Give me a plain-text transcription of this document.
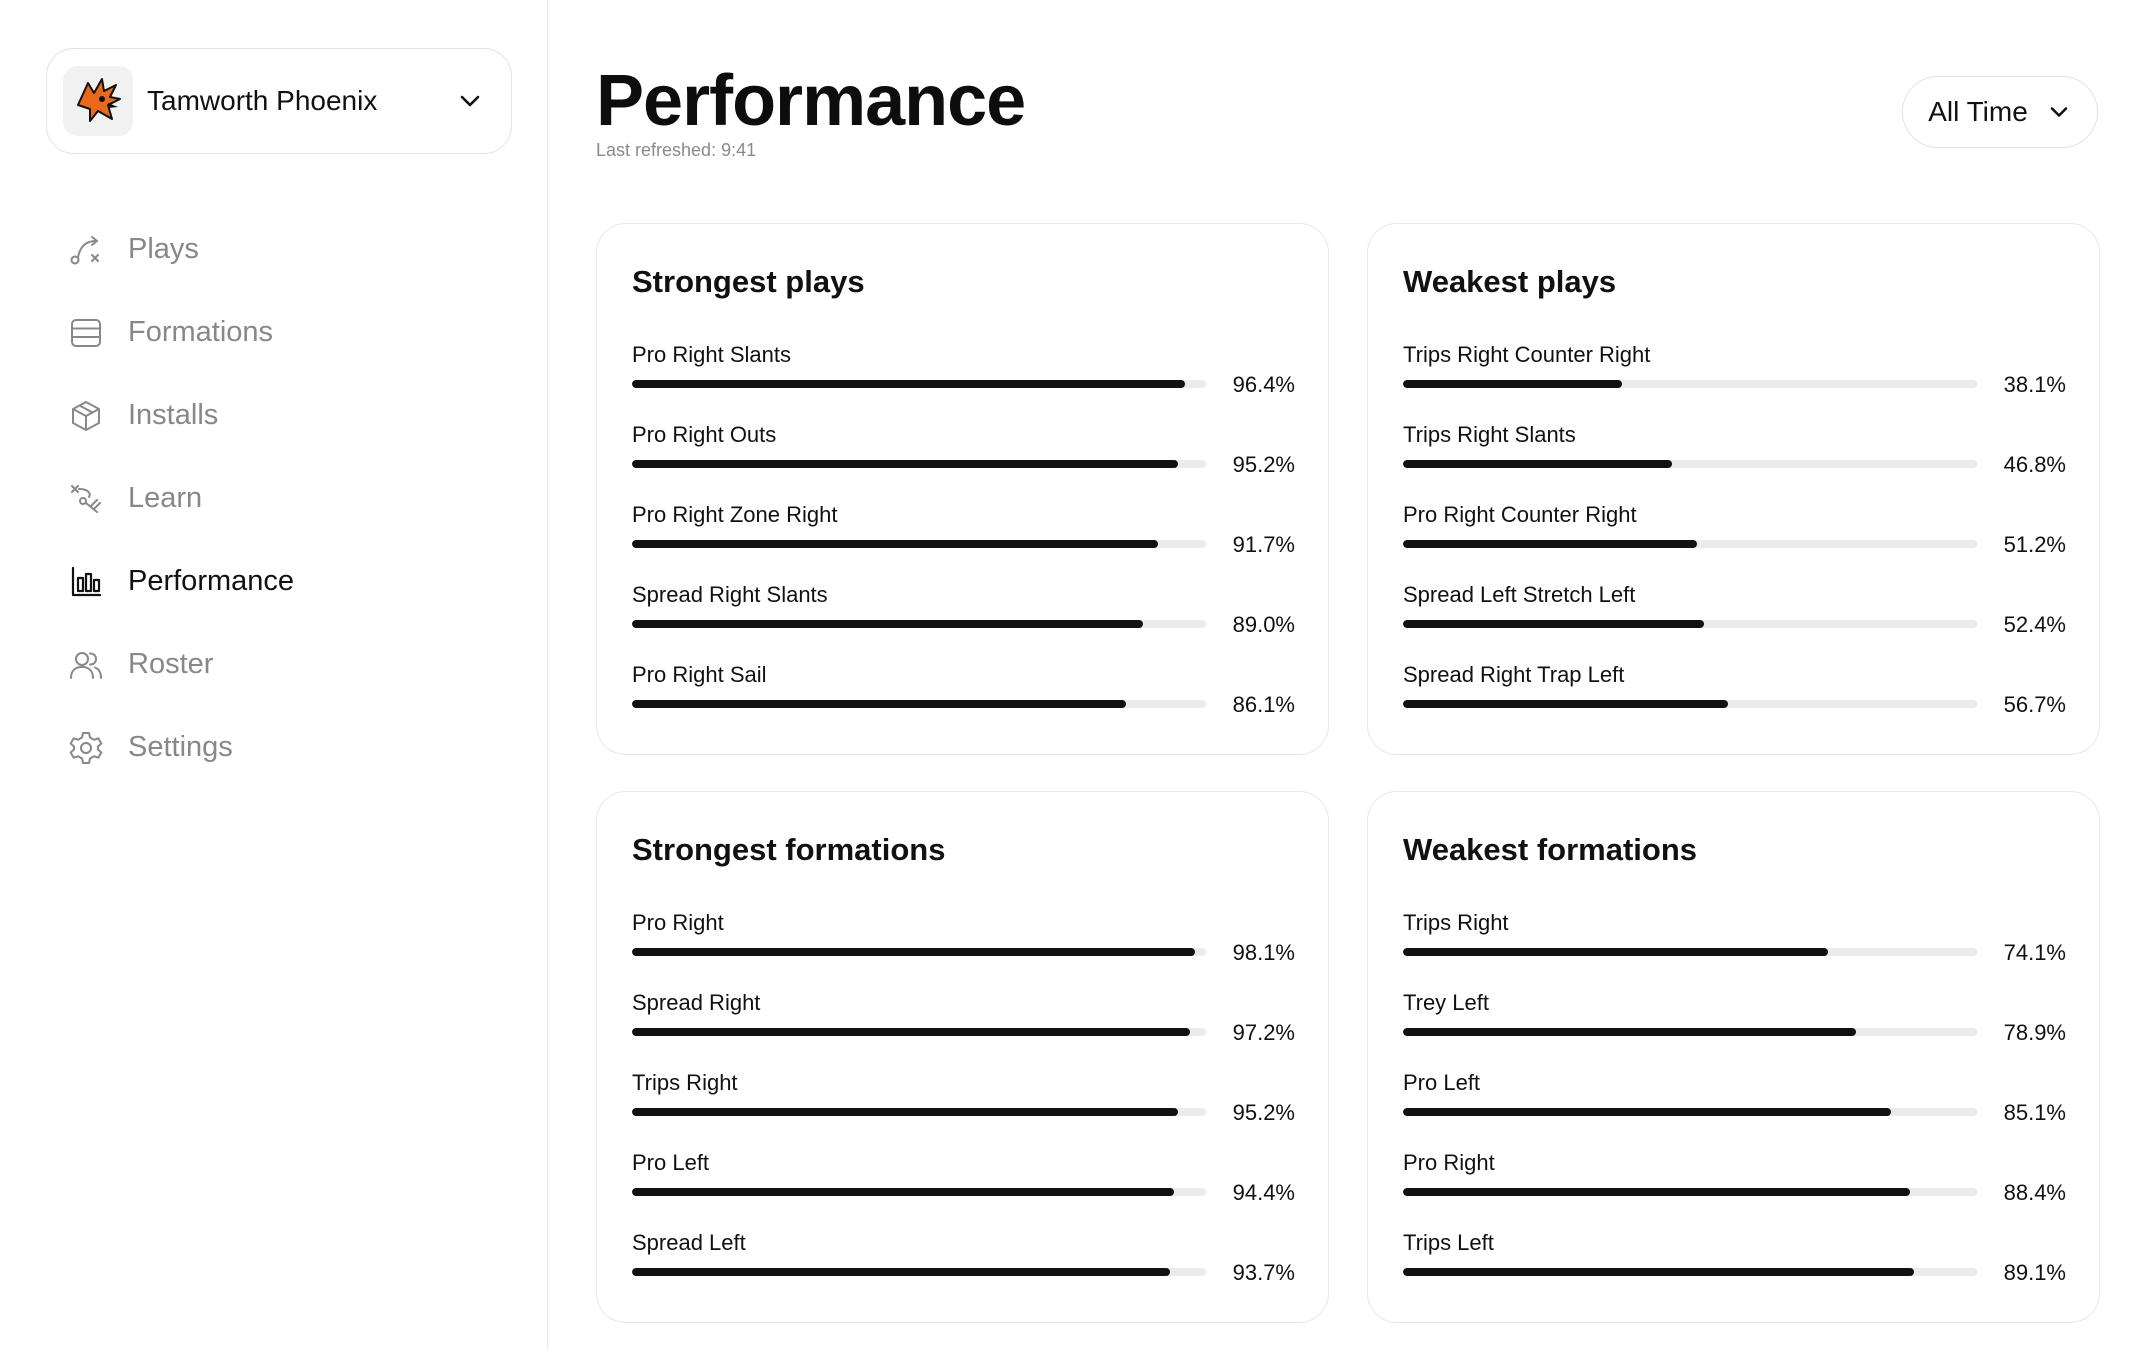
Tamworth Phoenix
Plays
Formations
Installs
Learn
Performance
Roster
Settings
Performance
Last refreshed: 9:41
All Time
Strongest plays
Pro Right Slants
96.4%
Pro Right Outs
95.2%
Pro Right Zone Right
91.7%
Spread Right Slants
89.0%
Pro Right Sail
86.1%
Weakest plays
Trips Right Counter Right
38.1%
Trips Right Slants
46.8%
Pro Right Counter Right
51.2%
Spread Left Stretch Left
52.4%
Spread Right Trap Left
56.7%
Strongest formations
Pro Right
98.1%
Spread Right
97.2%
Trips Right
95.2%
Pro Left
94.4%
Spread Left
93.7%
Weakest formations
Trips Right
74.1%
Trey Left
78.9%
Pro Left
85.1%
Pro Right
88.4%
Trips Left
89.1%
